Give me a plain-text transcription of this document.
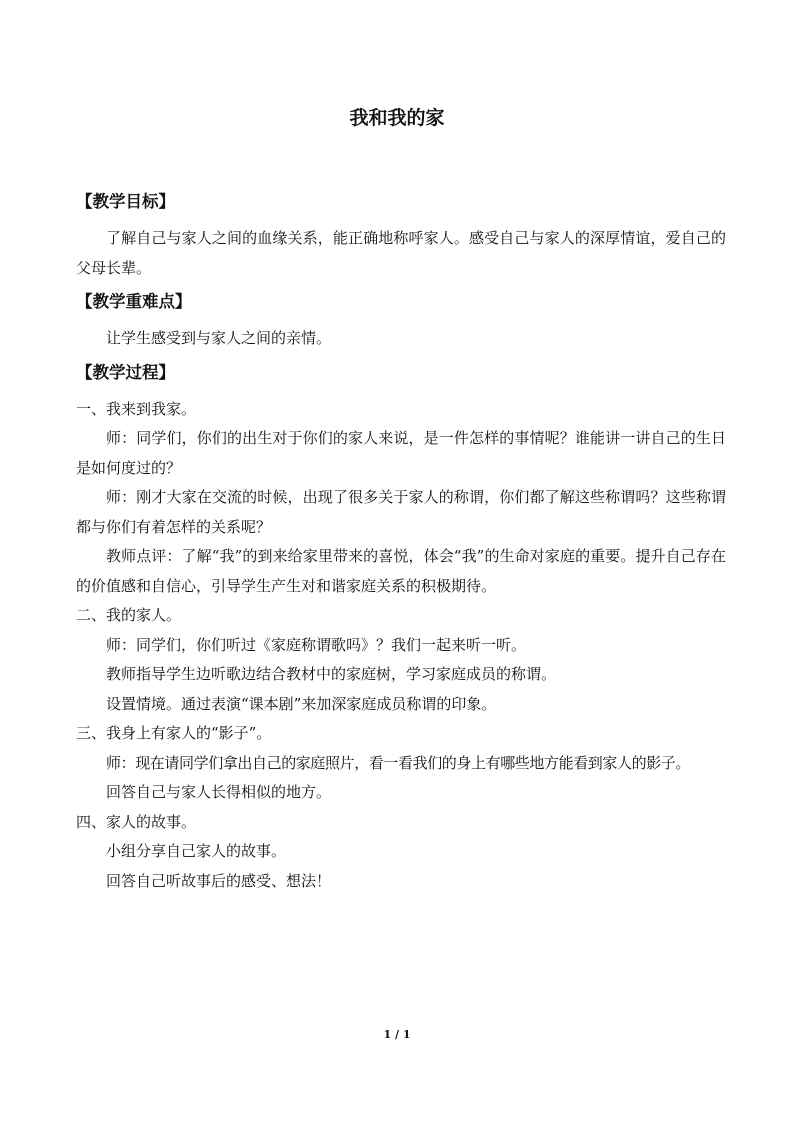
我和我的家
【教学目标】

了解自己与家人之间的血缘关系，能正确地称呼家人。感受自己与家人的深厚情谊，爱自己的父母长辈。

【教学重难点】

让学生感受到与家人之间的亲情。

【教学过程】

一、我来到我家。

师：同学们，你们的出生对于你们的家人来说，是一件怎样的事情呢？谁能讲一讲自己的生日是如何度过的？

师：刚才大家在交流的时候，出现了很多关于家人的称谓，你们都了解这些称谓吗？这些称谓都与你们有着怎样的关系呢？

教师点评：了解“我”的到来给家里带来的喜悦，体会“我”的生命对家庭的重要。提升自己存在的价值感和自信心，引导学生产生对和谐家庭关系的积极期待。

二、我的家人。

师：同学们，你们听过《家庭称谓歌吗》？我们一起来听一听。

教师指导学生边听歌边结合教材中的家庭树，学习家庭成员的称谓。

设置情境。通过表演“课本剧”来加深家庭成员称谓的印象。

三、我身上有家人的“影子”。

师：现在请同学们拿出自己的家庭照片，看一看我们的身上有哪些地方能看到家人的影子。

回答自己与家人长得相似的地方。

四、家人的故事。

小组分享自己家人的故事。

回答自己听故事后的感受、想法！

1 / 1
